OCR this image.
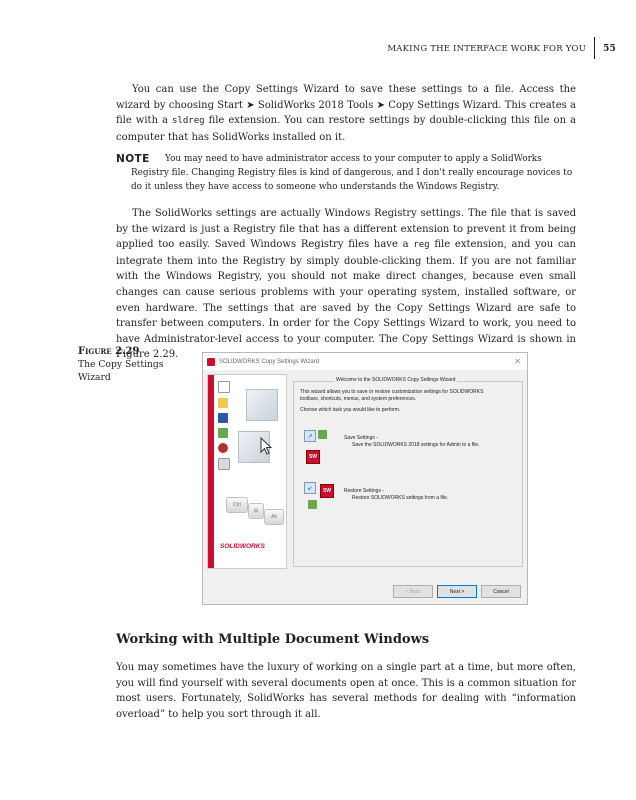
MAKING THE INTERFACE WORK FOR YOU 55

You can use the Copy Settings Wizard to save these settings to a file. Access the wizard by choosing Start ➤ SolidWorks 2018 Tools ➤ Copy Settings Wizard. This creates a file with a sldreg file extension. You can restore settings by double-clicking this file on a computer that has SolidWorks installed on it.

NOTE	You may need to have administrator access to your computer to apply a SolidWorks Registry file. Changing Registry files is kind of dangerous, and I don't really encourage novices to do it unless they have access to someone who understands the Windows Registry.

The SolidWorks settings are actually Windows Registry settings. The file that is saved by the wizard is just a Registry file that has a different extension to prevent it from being applied too easily. Saved Windows Registry files have a reg file extension, and you can integrate them into the Registry by simply double-clicking them. If you are not familiar with the Windows Registry, you should not make direct changes, because even small changes can cause serious problems with your operating system, installed software, or even hardware. The settings that are saved by the Copy Settings Wizard are safe to transfer between computers. In order for the Copy Settings Wizard to work, you need to have Administrator-level access to your computer. The Copy Settings Wizard is shown in Figure 2.29.

Figure 2.29
The Copy Settings Wizard
SOLIDWORKS Copy Settings Wizard	✕
Ctrl
⊞
Alt
SOLIDWORKS
Welcome to the SOLIDWORKS Copy Settings Wizard
This wizard allows you to save or restore customization settings for SOLIDWORKS toolbars, shortcuts, menus, and system preferences.
Choose which task you would like to perform.
↗
SW
Save Settings -
Save the SOLIDWORKS 2018 settings for Admin to a file.
↙	SW	Restore Settings -
Restore SOLIDWORKS settings from a file.
< Back	Next >	Cancel
Working with Multiple Document Windows

You may sometimes have the luxury of working on a single part at a time, but more often, you will find yourself with several documents open at once. This is a common situation for most users. Fortunately, SolidWorks has several methods for dealing with “information overload” to help you sort through it all.
